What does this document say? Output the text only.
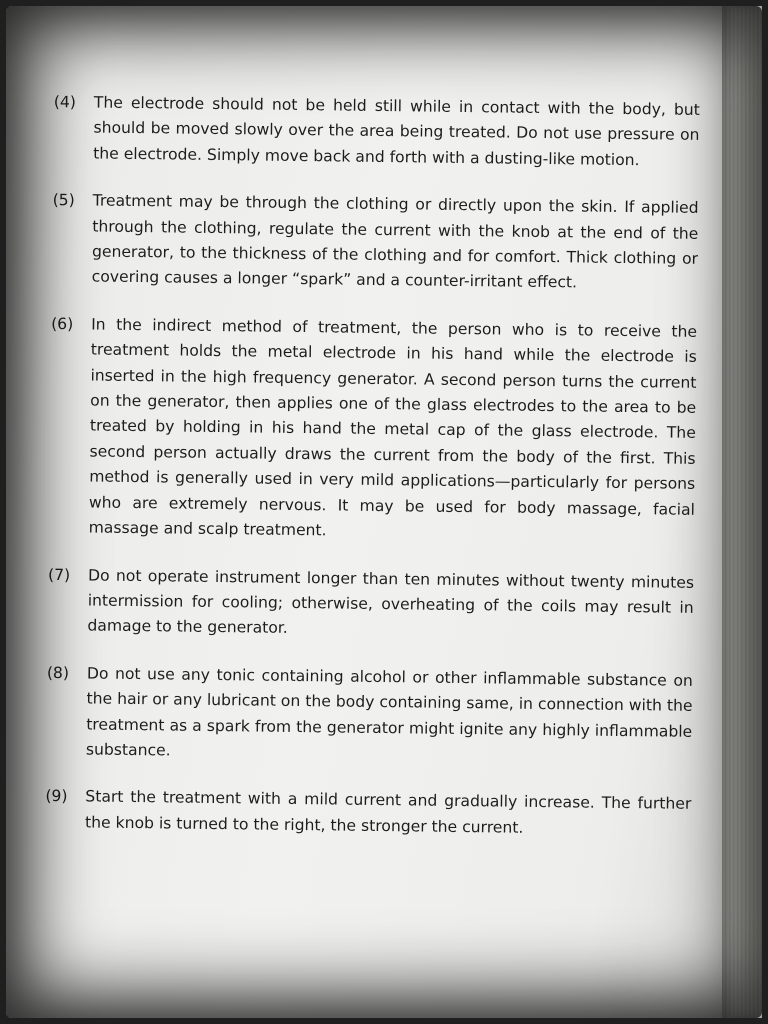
(4) The electrode should not be held still while in contact with the body, but should be moved slowly over the area being treated. Do not use pressure on the electrode. Simply move back and forth with a dusting-like motion.
(5) Treatment may be through the clothing or directly upon the skin. If applied through the clothing, regulate the current with the knob at the end of the generator, to the thickness of the clothing and for comfort. Thick clothing or covering causes a longer “spark” and a counter-irritant effect.
(6) In the indirect method of treatment, the person who is to receive the treatment holds the metal electrode in his hand while the electrode is inserted in the high frequency generator. A second person turns the current on the generator, then applies one of the glass electrodes to the area to be treated by holding in his hand the metal cap of the glass electrode. The second person actually draws the current from the body of the first. This method is generally used in very mild applications—particularly for persons who are extremely nervous. It may be used for body massage, facial massage and scalp treatment.
(7) Do not operate instrument longer than ten minutes without twenty minutes intermission for cooling; otherwise, overheating of the coils may result in damage to the generator.
(8) Do not use any tonic containing alcohol or other inflammable substance on the hair or any lubricant on the body containing same, in connection with the treatment as a spark from the generator might ignite any highly inflammable substance.
(9) Start the treatment with a mild current and gradually increase. The further the knob is turned to the right, the stronger the current.
